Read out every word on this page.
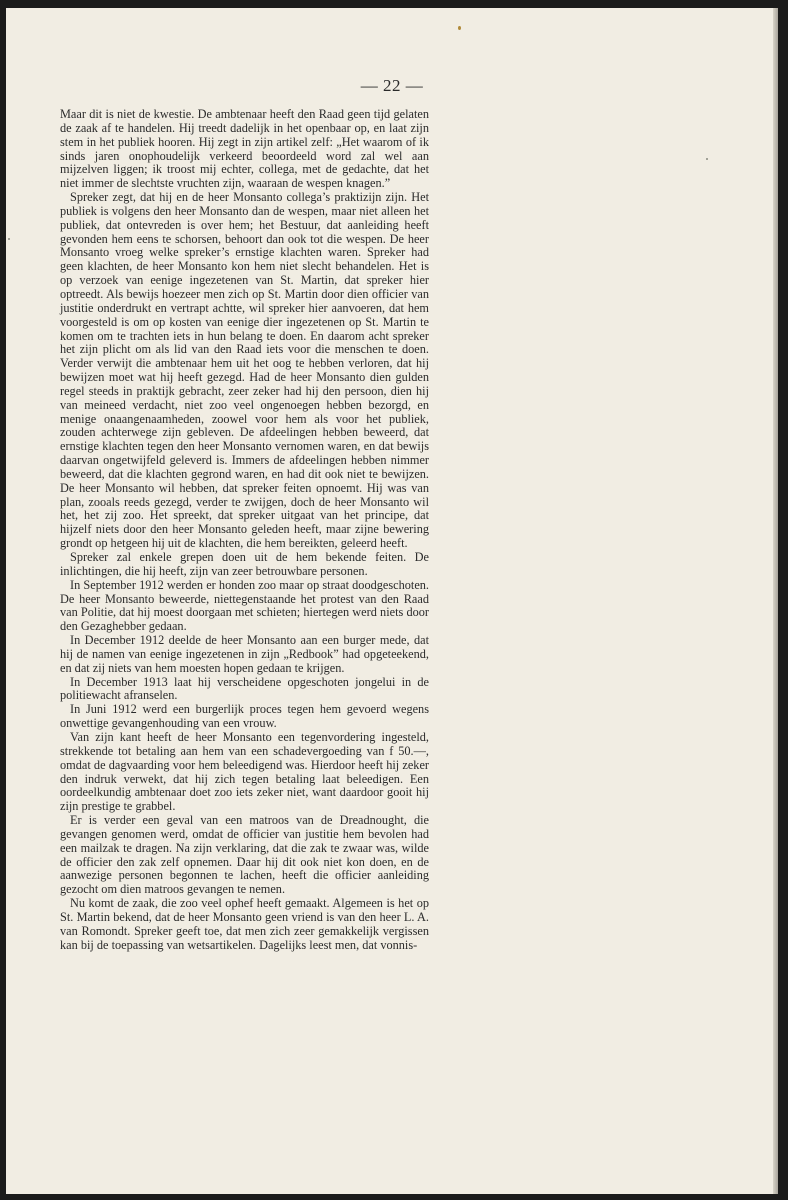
— 22 —

Maar dit is niet de kwestie. De ambtenaar heeft den Raad geen tijd gelaten de zaak af te handelen. Hij treedt dadelijk in het openbaar op, en laat zijn stem in het publiek hooren. Hij zegt in zijn artikel zelf: „Het waarom of ik sinds jaren onophoudelijk verkeerd beoordeeld word zal wel aan mijzelven liggen; ik troost mij echter, collega, met de gedachte, dat het niet immer de slechtste vruchten zijn, waaraan de wespen knagen.”

Spreker zegt, dat hij en de heer Monsanto collega’s praktizijn zijn. Het publiek is volgens den heer Monsanto dan de wespen, maar niet alleen het publiek, dat ontevreden is over hem; het Bestuur, dat aanleiding heeft gevonden hem eens te schorsen, behoort dan ook tot die wespen. De heer Monsanto vroeg welke spreker’s ernstige klachten waren. Spreker had geen klachten, de heer Monsanto kon hem niet slecht behandelen. Het is op verzoek van eenige ingezetenen van St. Martin, dat spreker hier optreedt. Als bewijs hoezeer men zich op St. Martin door dien officier van justitie onderdrukt en vertrapt achtte, wil spreker hier aanvoeren, dat hem voorgesteld is om op kosten van eenige dier ingezetenen op St. Martin te komen om te trachten iets in hun belang te doen. En daarom acht spreker het zijn plicht om als lid van den Raad iets voor die menschen te doen. Verder verwijt die ambtenaar hem uit het oog te hebben verloren, dat hij bewijzen moet wat hij heeft gezegd. Had de heer Monsanto dien gulden regel steeds in praktijk gebracht, zeer zeker had hij den persoon, dien hij van meineed verdacht, niet zoo veel ongenoegen hebben bezorgd, en menige onaangenaamheden, zoowel voor hem als voor het publiek, zouden achterwege zijn gebleven. De afdeelingen hebben beweerd, dat ernstige klachten tegen den heer Monsanto vernomen waren, en dat bewijs daarvan ongetwijfeld geleverd is. Immers de afdeelingen hebben nimmer beweerd, dat die klachten gegrond waren, en had dit ook niet te bewijzen. De heer Monsanto wil hebben, dat spreker feiten opnoemt. Hij was van plan, zooals reeds gezegd, verder te zwijgen, doch de heer Monsanto wil het, het zij zoo. Het spreekt, dat spreker uitgaat van het principe, dat hijzelf niets door den heer Monsanto geleden heeft, maar zijne bewering grondt op hetgeen hij uit de klachten, die hem bereikten, geleerd heeft.

Spreker zal enkele grepen doen uit de hem bekende feiten. De inlichtingen, die hij heeft, zijn van zeer betrouwbare personen.

In September 1912 werden er honden zoo maar op straat doodgeschoten. De heer Monsanto beweerde, niettegenstaande het protest van den Raad van Politie, dat hij moest doorgaan met schieten; hiertegen werd niets door den Gezaghebber gedaan.

In December 1912 deelde de heer Monsanto aan een burger mede, dat hij de namen van eenige ingezetenen in zijn „Redbook” had opgeteekend, en dat zij niets van hem moesten hopen gedaan te krijgen.

In December 1913 laat hij verscheidene opgeschoten jongelui in de politiewacht afranselen.

In Juni 1912 werd een burgerlijk proces tegen hem gevoerd wegens onwettige gevangenhouding van een vrouw.

Van zijn kant heeft de heer Monsanto een tegenvordering ingesteld, strekkende tot betaling aan hem van een schadevergoeding van f 50.—, omdat de dagvaarding voor hem beleedigend was. Hierdoor heeft hij zeker den indruk verwekt, dat hij zich tegen betaling laat beleedigen. Een oordeelkundig ambtenaar doet zoo iets zeker niet, want daardoor gooit hij zijn prestige te grabbel.

Er is verder een geval van een matroos van de Dreadnought, die gevangen genomen werd, omdat de officier van justitie hem bevolen had een mailzak te dragen. Na zijn verklaring, dat die zak te zwaar was, wilde de officier den zak zelf opnemen. Daar hij dit ook niet kon doen, en de aanwezige personen begonnen te lachen, heeft die officier aanleiding gezocht om dien matroos gevangen te nemen.

Nu komt de zaak, die zoo veel ophef heeft gemaakt. Algemeen is het op St. Martin bekend, dat de heer Monsanto geen vriend is van den heer L. A. van Romondt. Spreker geeft toe, dat men zich zeer gemakkelijk vergissen kan bij de toepassing van wetsartikelen. Dagelijks leest men, dat vonnis-
